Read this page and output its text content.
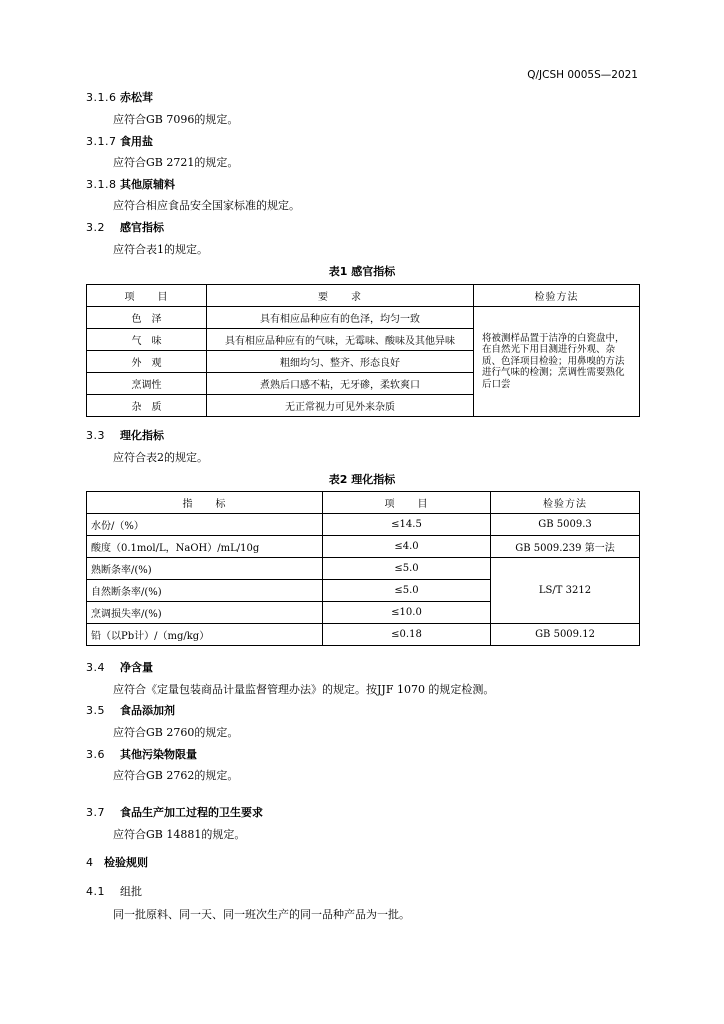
Q/JCSH 0005S—2021
3.1.6 赤松茸
应符合GB 7096的规定。
3.1.7 食用盐
应符合GB 2721的规定。
3.1.8 其他原辅料
应符合相应食品安全国家标准的规定。
3.2 感官指标
应符合表1的规定。
表1 感官指标
项　　目	要　　求	检验方法
色　泽	具有相应品种应有的色泽，均匀一致	将被测样品置于洁净的白瓷盘中，在自然光下用目测进行外观、杂质、色泽项目检验；用鼻嗅的方法进行气味的检测；烹调性需要熟化后口尝
气　味	具有相应品种应有的气味，无霉味、酸味及其他异味	
外　观	粗细均匀、整齐、形态良好	
烹调性	煮熟后口感不粘，无牙碜，柔软爽口	
杂　质	无正常视力可见外来杂质	
3.3 理化指标
应符合表2的规定。
表2 理化指标
指　　标	项　　目	检验方法
水份/（%）	≤14.5	GB 5009.3
酸度（0.1mol/L，NaOH）/mL/10g	≤4.0	GB 5009.239 第一法
熟断条率/(%)	≤5.0	LS/T 3212
自然断条率/(%)	≤5.0	
烹调损失率/(%)	≤10.0	
铅（以Pb计）/（mg/kg）	≤0.18	GB 5009.12
3.4 净含量
应符合《定量包装商品计量监督管理办法》的规定。按JJF 1070 的规定检测。
3.5 食品添加剂
应符合GB 2760的规定。
3.6 其他污染物限量
应符合GB 2762的规定。
3.7 食品生产加工过程的卫生要求
应符合GB 14881的规定。
4 检验规则
4.1 组批
同一批原料、同一天、同一班次生产的同一品种产品为一批。
